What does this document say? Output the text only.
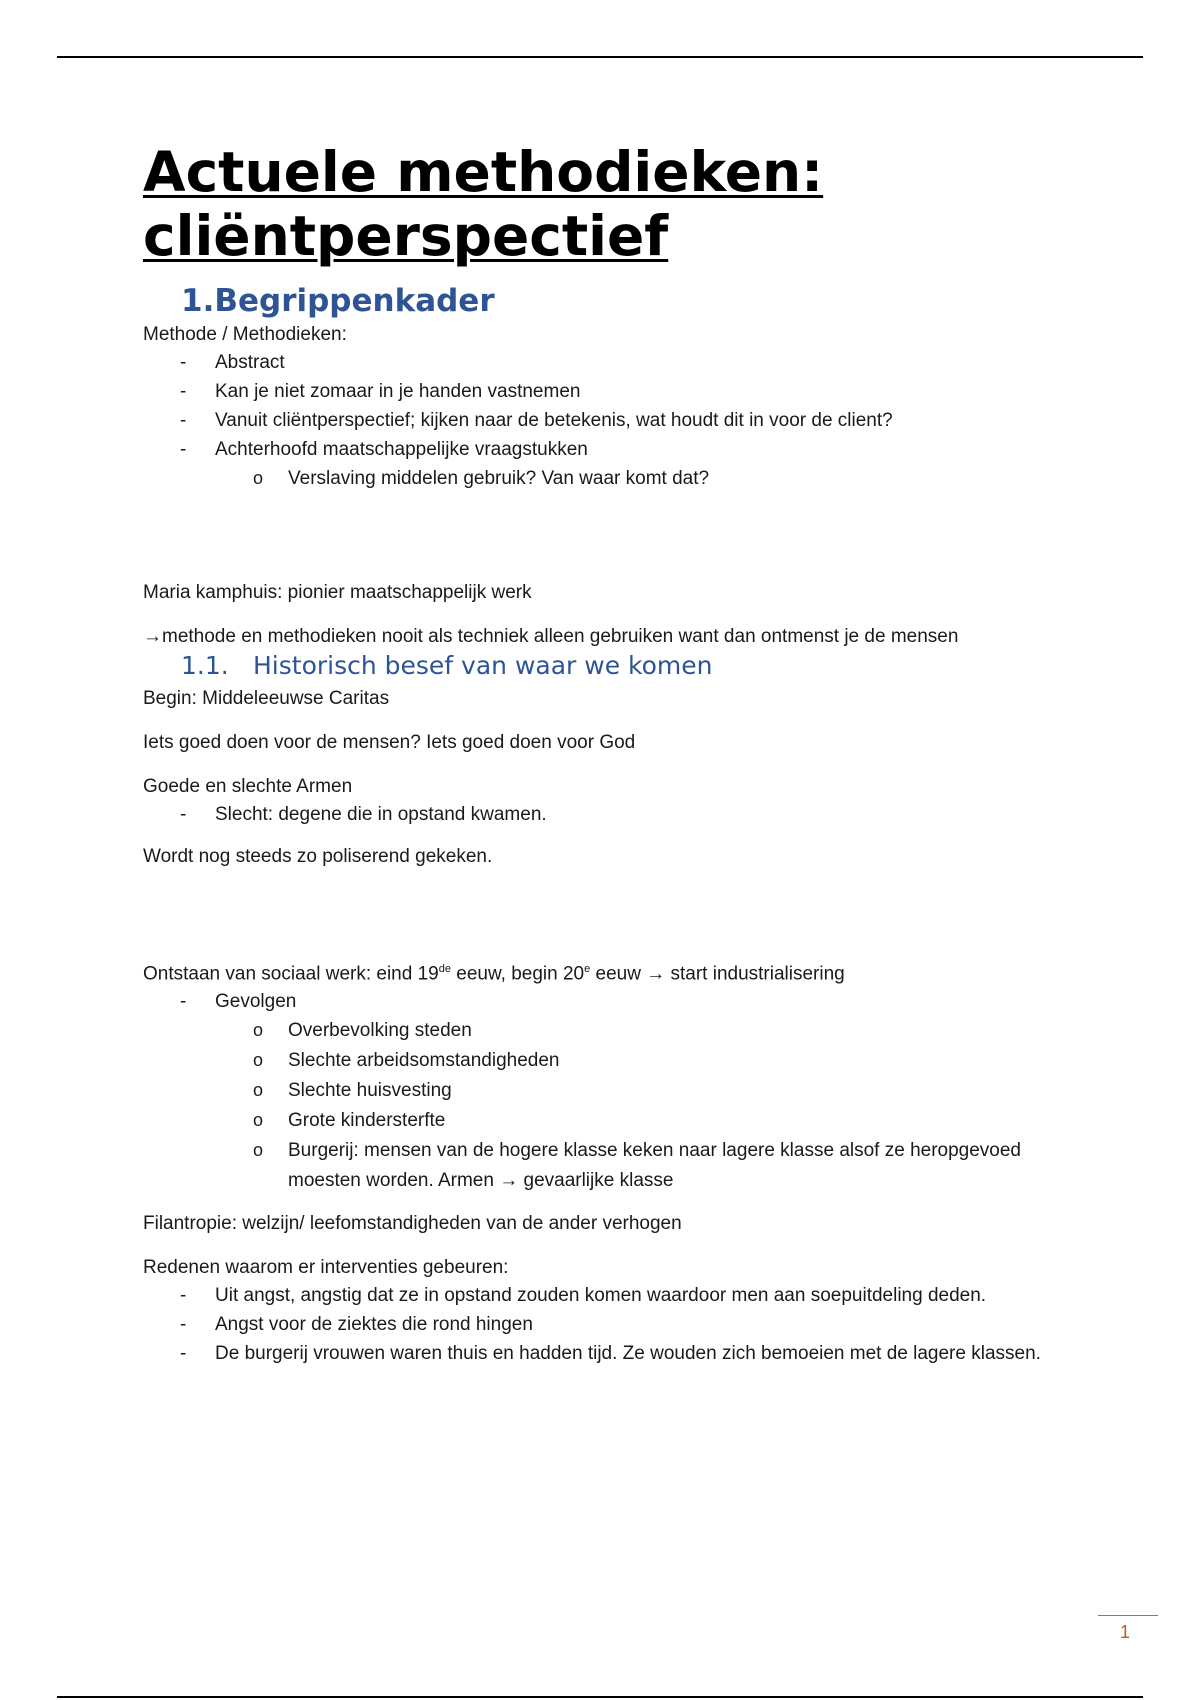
Actuele methodieken:
cliëntperspectief
1.Begrippenkader

Methode / Methodieken:

- Abstract
- Kan je niet zomaar in je handen vastnemen
- Vanuit cliëntperspectief; kijken naar de betekenis, wat houdt dit in voor de client?
- Achterhoofd maatschappelijke vraagstukken
o Verslaving middelen gebruik? Van waar komt dat?

Maria kamphuis: pionier maatschappelijk werk

→methode en methodieken nooit als techniek alleen gebruiken want dan ontmenst je de mensen

1.1. Historisch besef van waar we komen

Begin: Middeleeuwse Caritas

Iets goed doen voor de mensen? Iets goed doen voor God

Goede en slechte Armen

- Slecht: degene die in opstand kwamen.

Wordt nog steeds zo poliserend gekeken.

Ontstaan van sociaal werk: eind 19de eeuw, begin 20e eeuw → start industrialisering

- Gevolgen
o Overbevolking steden
o Slechte arbeidsomstandigheden
o Slechte huisvesting
o Grote kindersterfte
o Burgerij: mensen van de hogere klasse keken naar lagere klasse alsof ze heropgevoed moesten worden. Armen → gevaarlijke klasse

Filantropie: welzijn/ leefomstandigheden van de ander verhogen

Redenen waarom er interventies gebeuren:

- Uit angst, angstig dat ze in opstand zouden komen waardoor men aan soepuitdeling deden.
- Angst voor de ziektes die rond hingen
- De burgerij vrouwen waren thuis en hadden tijd. Ze wouden zich bemoeien met de lagere klassen.
1
